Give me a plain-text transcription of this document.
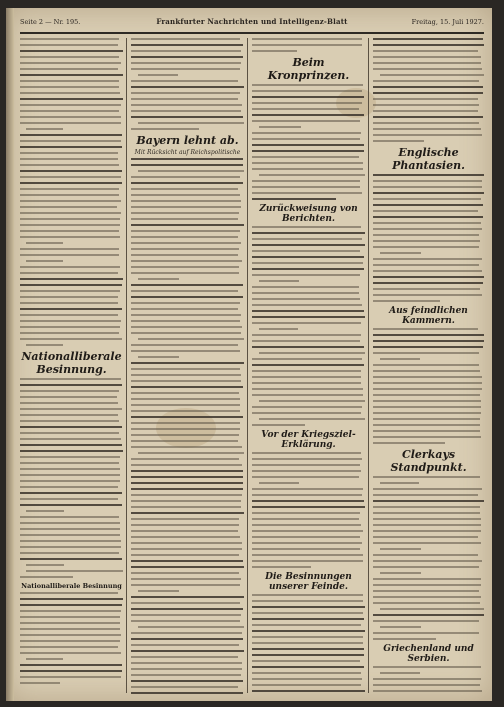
Seite 2 — Nr. 195.	Frankfurter Nachrichten und Intelligenz-Blatt	Freitag, 15. Juli 1927.
Nationalliberale Besinnung.
Nationalliberale Besinnung
Bayern lehnt ab.
Mit Rücksicht auf Reichspolitische
Beim Kronprinzen.
Zurückweisung von Berichten.
Vor der Kriegsziel-Erklärung.
Die Besinnungen unserer Feinde.
Englische Phantasien.
Aus feindlichen Kammern.
Clerkays Standpunkt.
Griechenland und Serbien.
